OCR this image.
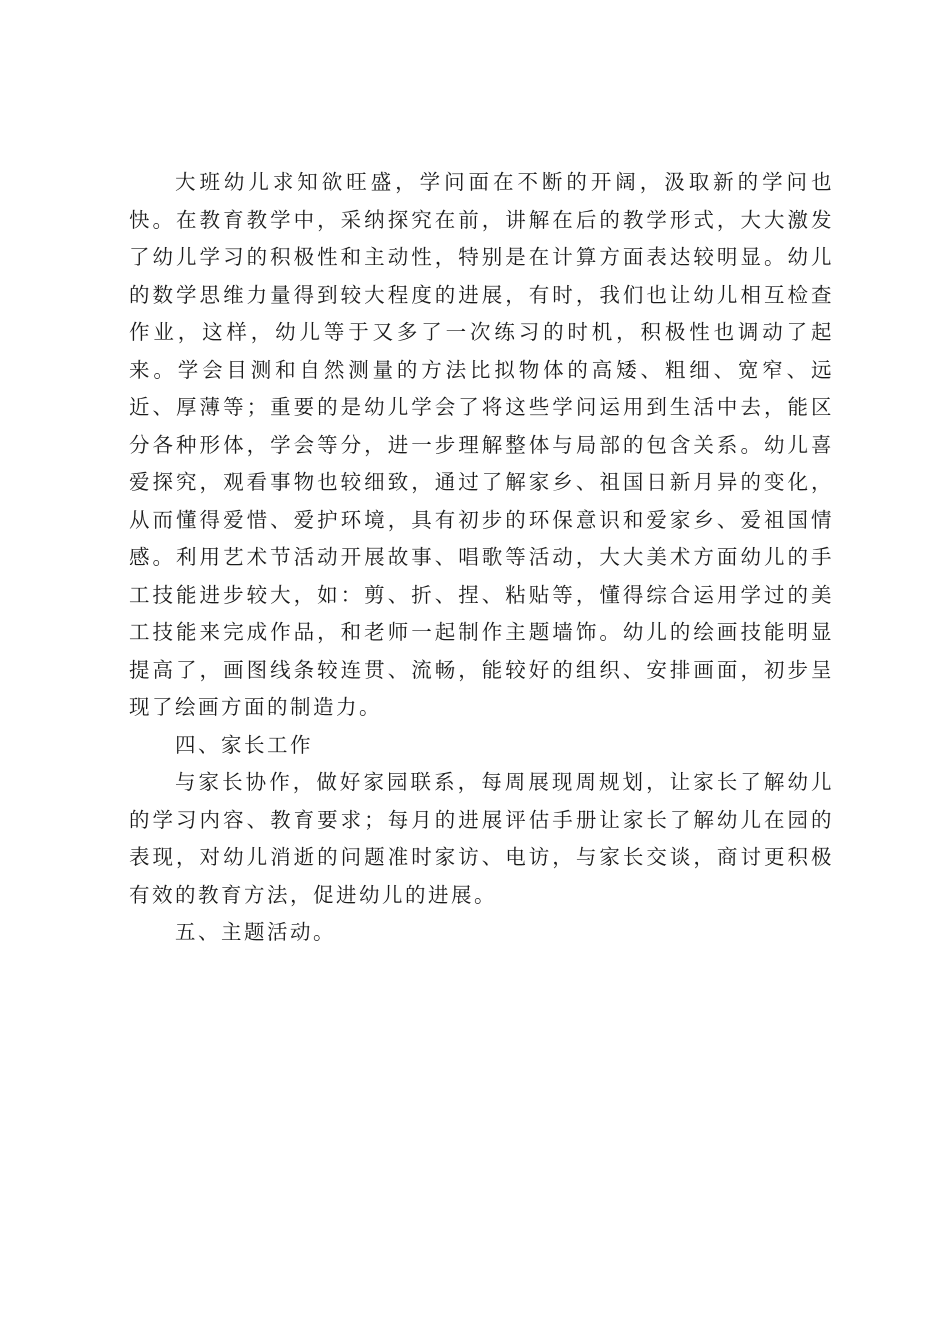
大班幼儿求知欲旺盛，学问面在不断的开阔，汲取新的学问也快。在教育教学中，采纳探究在前，讲解在后的教学形式，大大激发了幼儿学习的积极性和主动性，特别是在计算方面表达较明显。幼儿的数学思维力量得到较大程度的进展，有时，我们也让幼儿相互检查作业，这样，幼儿等于又多了一次练习的时机，积极性也调动了起来。学会目测和自然测量的方法比拟物体的高矮、粗细、宽窄、远近、厚薄等；重要的是幼儿学会了将这些学问运用到生活中去，能区分各种形体，学会等分，进一步理解整体与局部的包含关系。幼儿喜爱探究，观看事物也较细致，通过了解家乡、祖国日新月异的变化，从而懂得爱惜、爱护环境，具有初步的环保意识和爱家乡、爱祖国情感。利用艺术节活动开展故事、唱歌等活动，大大美术方面幼儿的手工技能进步较大，如：剪、折、捏、粘贴等，懂得综合运用学过的美工技能来完成作品，和老师一起制作主题墙饰。幼儿的绘画技能明显提高了，画图线条较连贯、流畅，能较好的组织、安排画面，初步呈现了绘画方面的制造力。

四、家长工作

与家长协作，做好家园联系，每周展现周规划，让家长了解幼儿的学习内容、教育要求；每月的进展评估手册让家长了解幼儿在园的表现，对幼儿消逝的问题准时家访、电访，与家长交谈，商讨更积极有效的教育方法，促进幼儿的进展。

五、主题活动。
